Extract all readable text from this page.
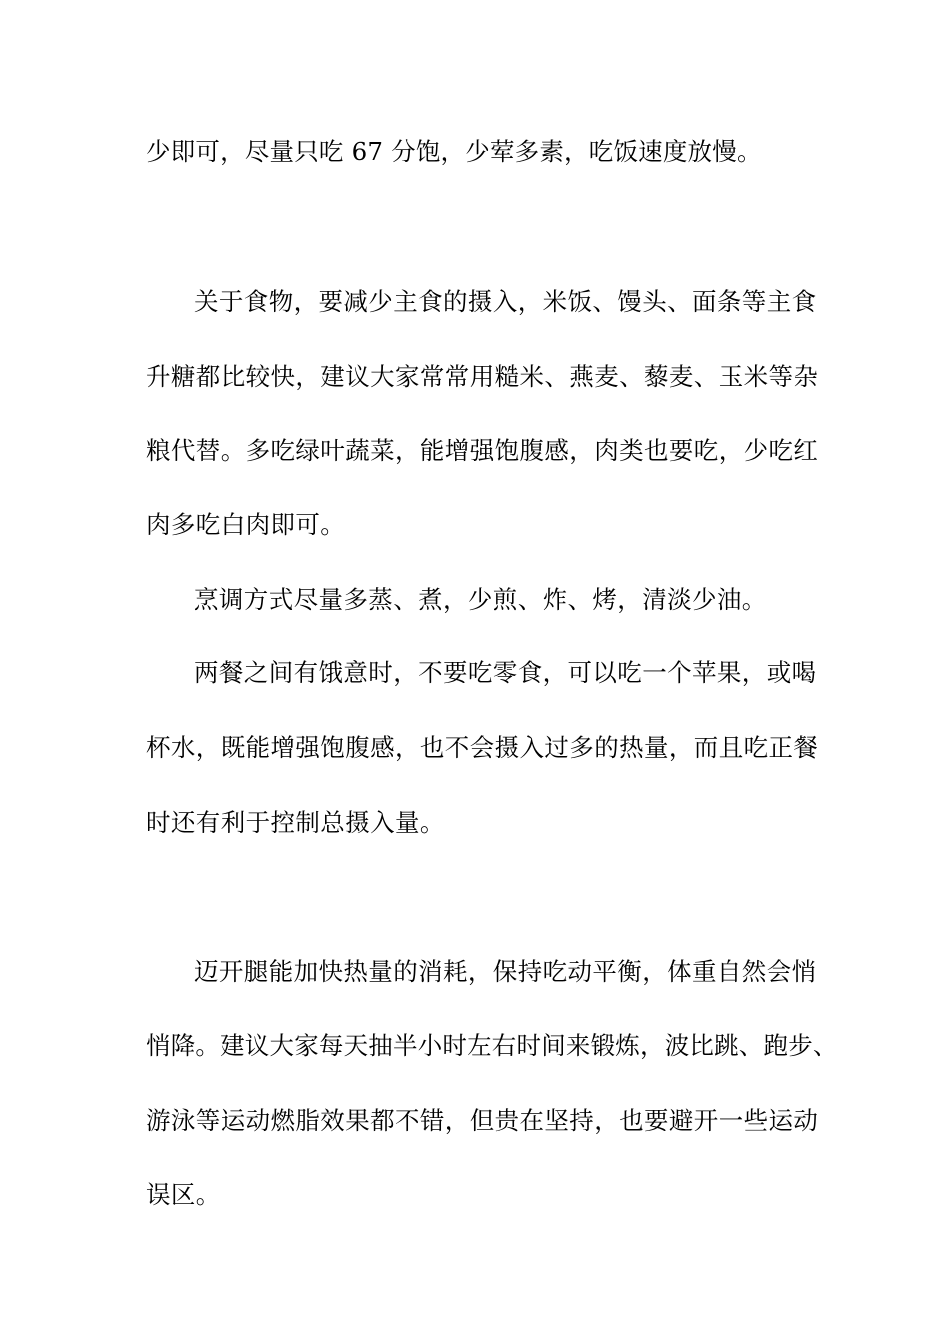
少即可，尽量只吃 67 分饱，少荤多素，吃饭速度放慢。

关于食物，要减少主食的摄入，米饭、馒头、面条等主食

升糖都比较快，建议大家常常用糙米、燕麦、藜麦、玉米等杂

粮代替。多吃绿叶蔬菜，能增强饱腹感，肉类也要吃，少吃红

肉多吃白肉即可。

烹调方式尽量多蒸、煮，少煎、炸、烤，清淡少油。

两餐之间有饿意时，不要吃零食，可以吃一个苹果，或喝

杯水，既能增强饱腹感，也不会摄入过多的热量，而且吃正餐

时还有利于控制总摄入量。

迈开腿能加快热量的消耗，保持吃动平衡，体重自然会悄

悄降。建议大家每天抽半小时左右时间来锻炼，波比跳、跑步、

游泳等运动燃脂效果都不错，但贵在坚持，也要避开一些运动

误区。
